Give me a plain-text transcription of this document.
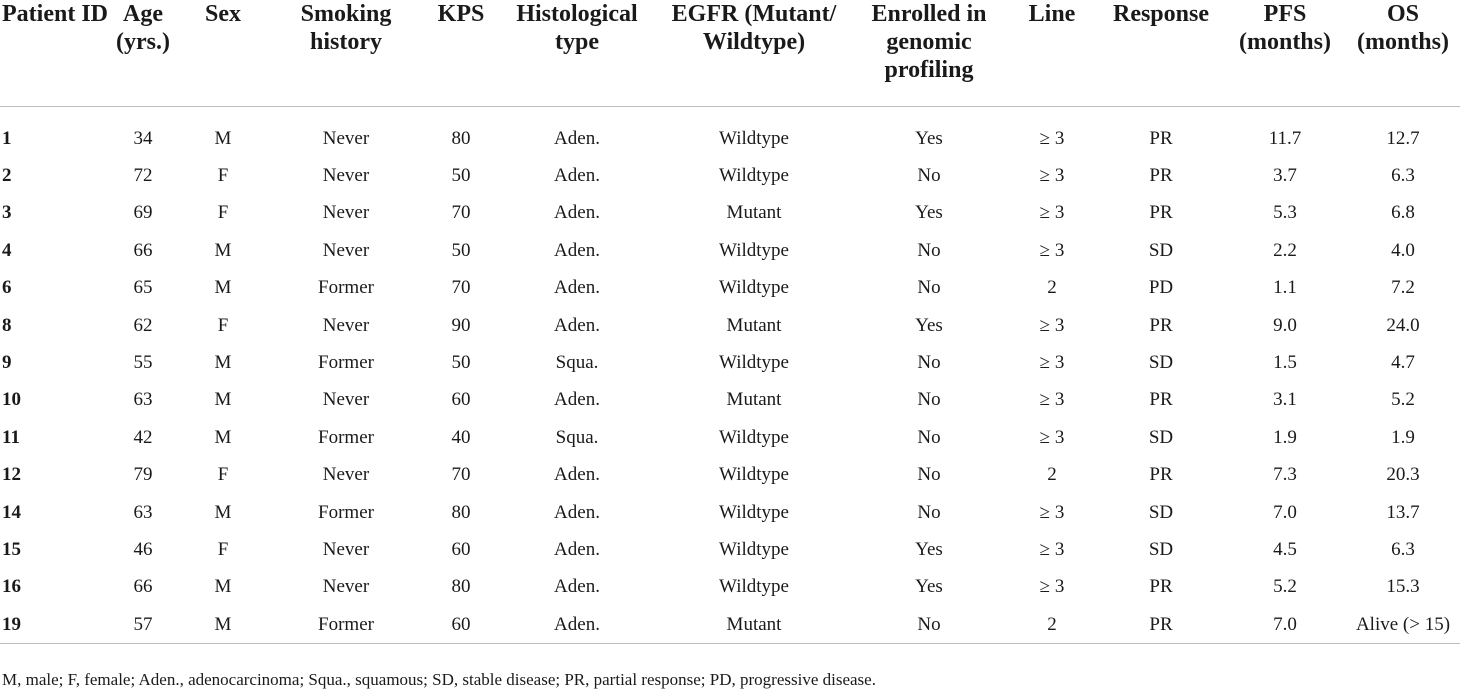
Patient ID	Age (yrs.)	Sex	Smoking history	KPS	Histological type	EGFR (Mutant/ Wildtype)	Enrolled in genomic profiling	Line	Response	PFS (months)	OS (months)

1	34	M	Never	80	Aden.	Wildtype	Yes	≥ 3	PR	11.7	12.7
2	72	F	Never	50	Aden.	Wildtype	No	≥ 3	PR	3.7	6.3
3	69	F	Never	70	Aden.	Mutant	Yes	≥ 3	PR	5.3	6.8
4	66	M	Never	50	Aden.	Wildtype	No	≥ 3	SD	2.2	4.0
6	65	M	Former	70	Aden.	Wildtype	No	2	PD	1.1	7.2
8	62	F	Never	90	Aden.	Mutant	Yes	≥ 3	PR	9.0	24.0
9	55	M	Former	50	Squa.	Wildtype	No	≥ 3	SD	1.5	4.7
10	63	M	Never	60	Aden.	Mutant	No	≥ 3	PR	3.1	5.2
11	42	M	Former	40	Squa.	Wildtype	No	≥ 3	SD	1.9	1.9
12	79	F	Never	70	Aden.	Wildtype	No	2	PR	7.3	20.3
14	63	M	Former	80	Aden.	Wildtype	No	≥ 3	SD	7.0	13.7
15	46	F	Never	60	Aden.	Wildtype	Yes	≥ 3	SD	4.5	6.3
16	66	M	Never	80	Aden.	Wildtype	Yes	≥ 3	PR	5.2	15.3
19	57	M	Former	60	Aden.	Mutant	No	2	PR	7.0	Alive (> 15)
M, male; F, female; Aden., adenocarcinoma; Squa., squamous; SD, stable disease; PR, partial response; PD, progressive disease.
